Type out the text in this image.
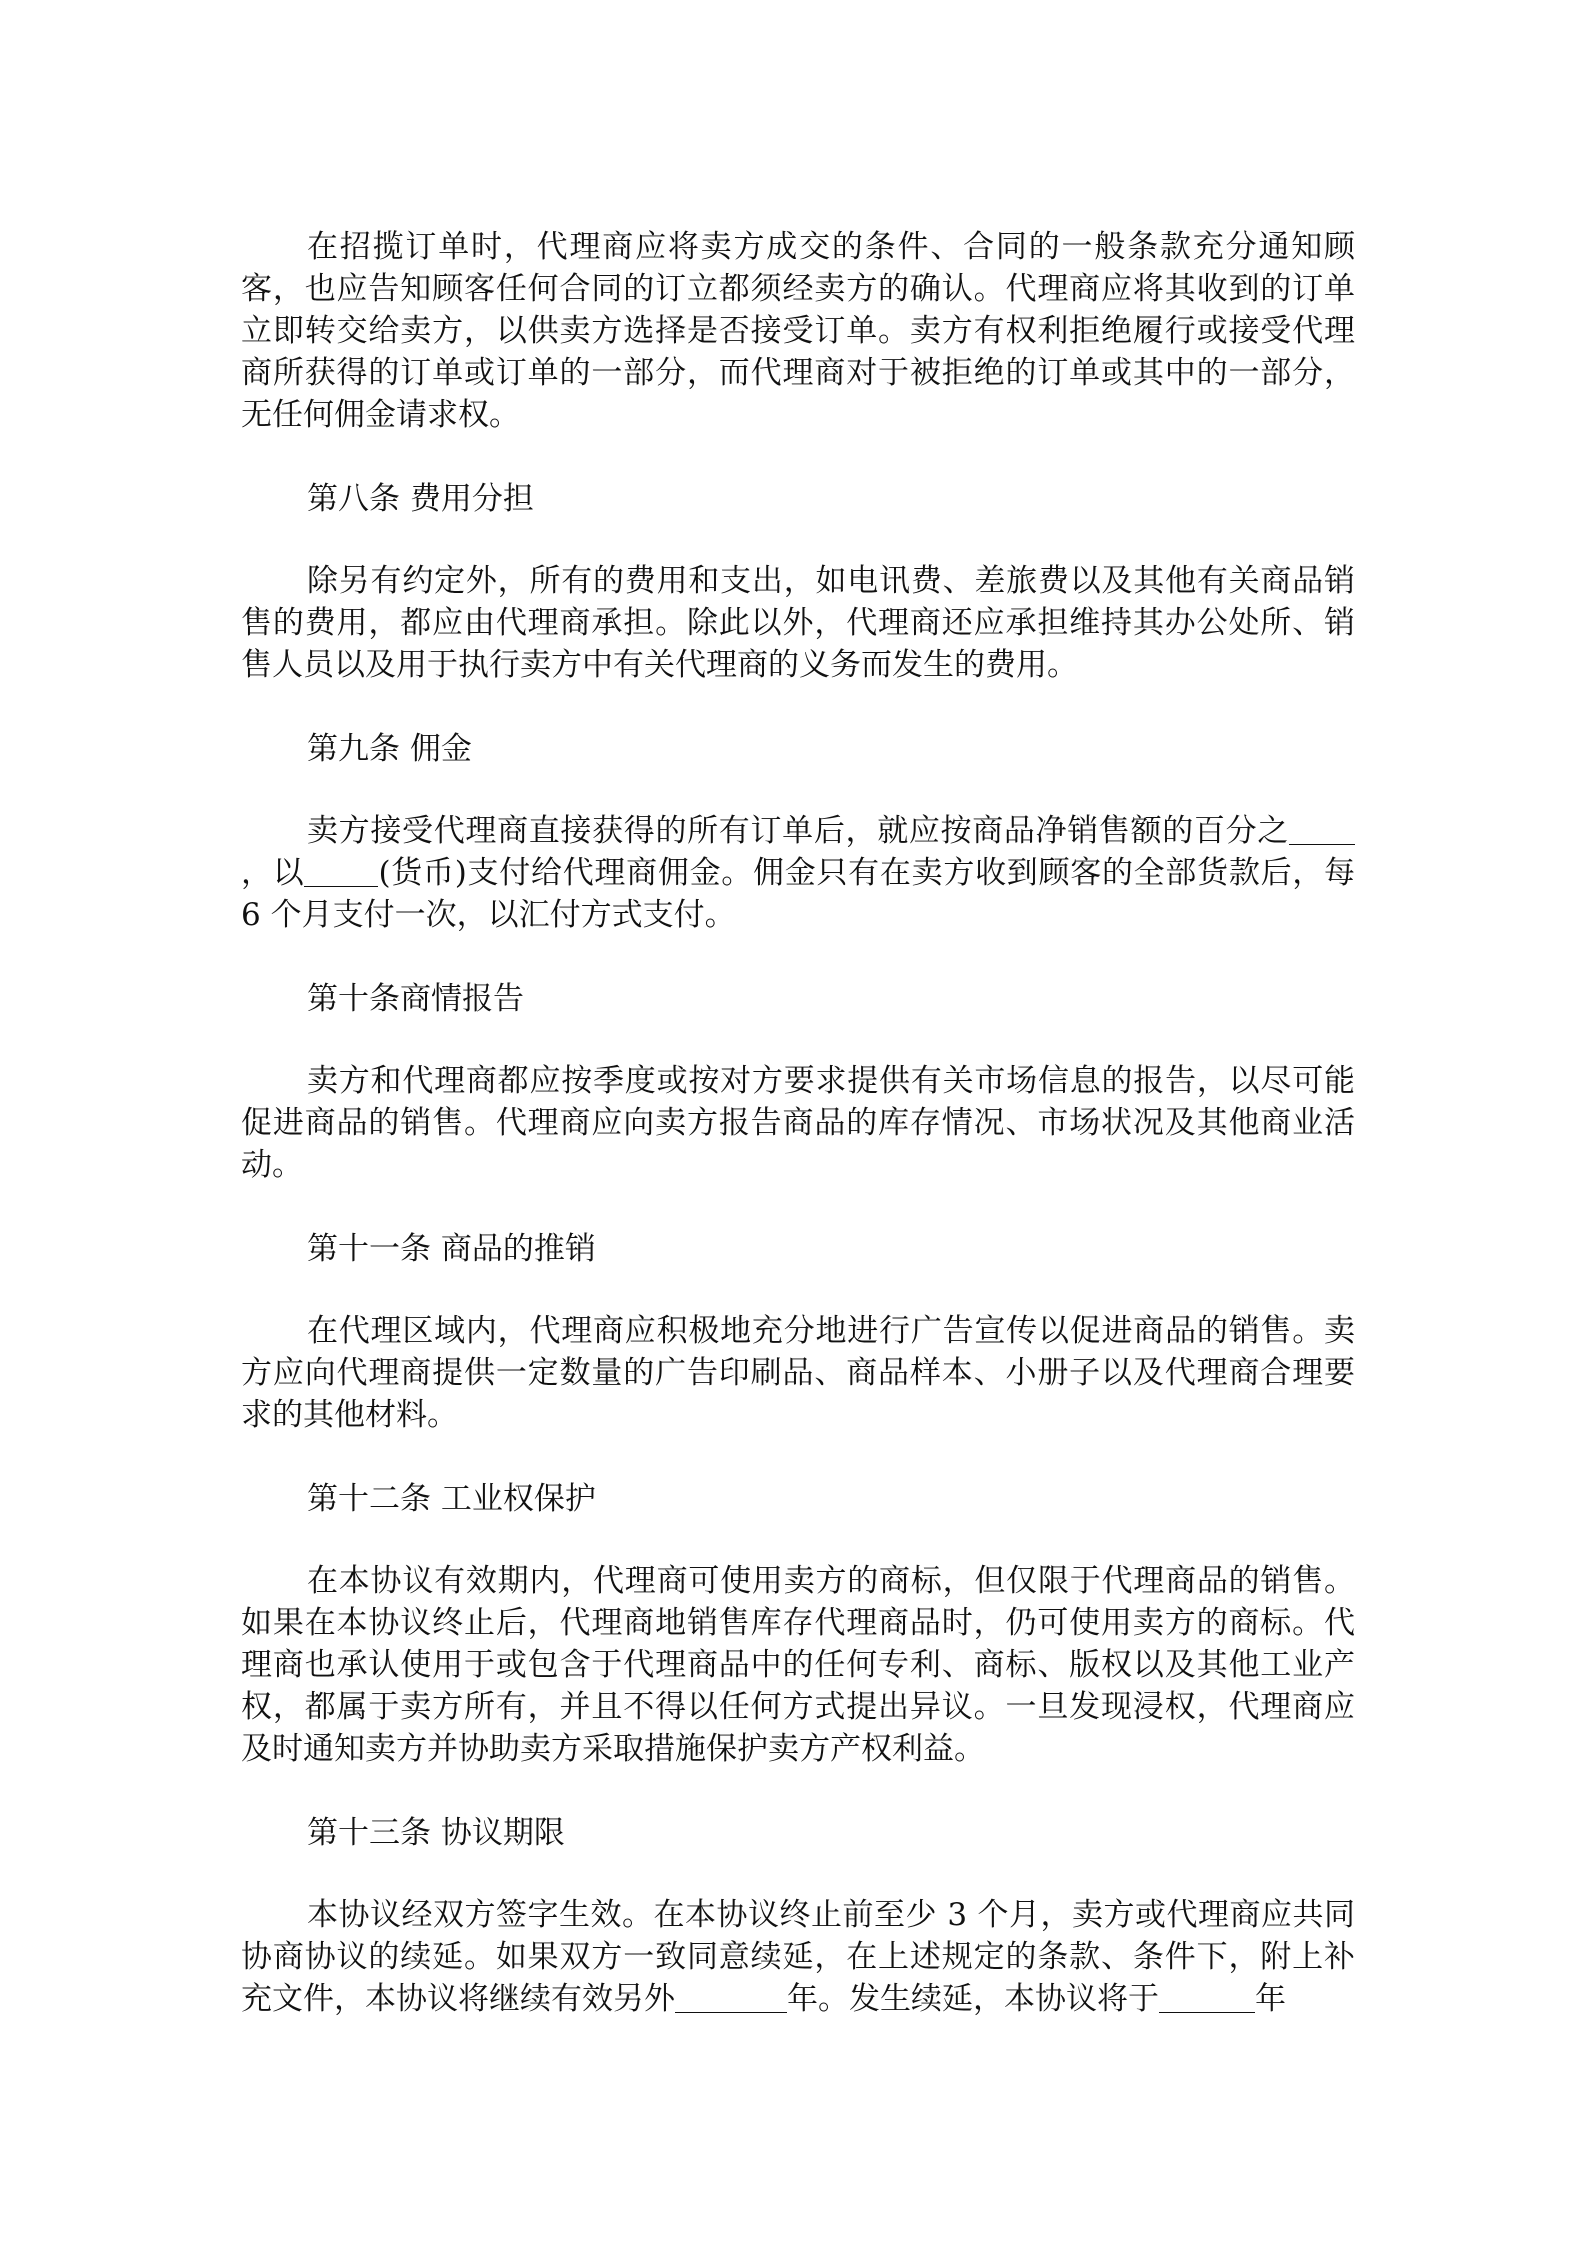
在招揽订单时，代理商应将卖方成交的条件、合同的一般条款充分通知顾客，也应告知顾客任何合同的订立都须经卖方的确认。代理商应将其收到的订单立即转交给卖方，以供卖方选择是否接受订单。卖方有权利拒绝履行或接受代理商所获得的订单或订单的一部分，而代理商对于被拒绝的订单或其中的一部分，无任何佣金请求权。

第八条 费用分担

除另有约定外，所有的费用和支出，如电讯费、差旅费以及其他有关商品销售的费用，都应由代理商承担。除此以外，代理商还应承担维持其办公处所、销售人员以及用于执行卖方中有关代理商的义务而发生的费用。

第九条 佣金

卖方接受代理商直接获得的所有订单后，就应按商品净销售额的百分之，以 (货币)支付给代理商佣金。佣金只有在卖方收到顾客的全部货款后，每 6 个月支付一次，以汇付方式支付。

第十条商情报告

卖方和代理商都应按季度或按对方要求提供有关市场信息的报告，以尽可能促进商品的销售。代理商应向卖方报告商品的库存情况、市场状况及其他商业活动。

第十一条 商品的推销

在代理区域内，代理商应积极地充分地进行广告宣传以促进商品的销售。卖方应向代理商提供一定数量的广告印刷品、商品样本、小册子以及代理商合理要求的其他材料。

第十二条 工业权保护

在本协议有效期内，代理商可使用卖方的商标，但仅限于代理商品的销售。如果在本协议终止后，代理商地销售库存代理商品时，仍可使用卖方的商标。代理商也承认使用于或包含于代理商品中的任何专利、商标、版权以及其他工业产权，都属于卖方所有，并且不得以任何方式提出异议。一旦发现浸权，代理商应及时通知卖方并协助卖方采取措施保护卖方产权利益。

第十三条 协议期限

本协议经双方签字生效。在本协议终止前至少 3 个月，卖方或代理商应共同协商协议的续延。如果双方一致同意续延，在上述规定的条款、条件下，附上补充文件，本协议将继续有效另外	年。发生续延，本协议将于	年
